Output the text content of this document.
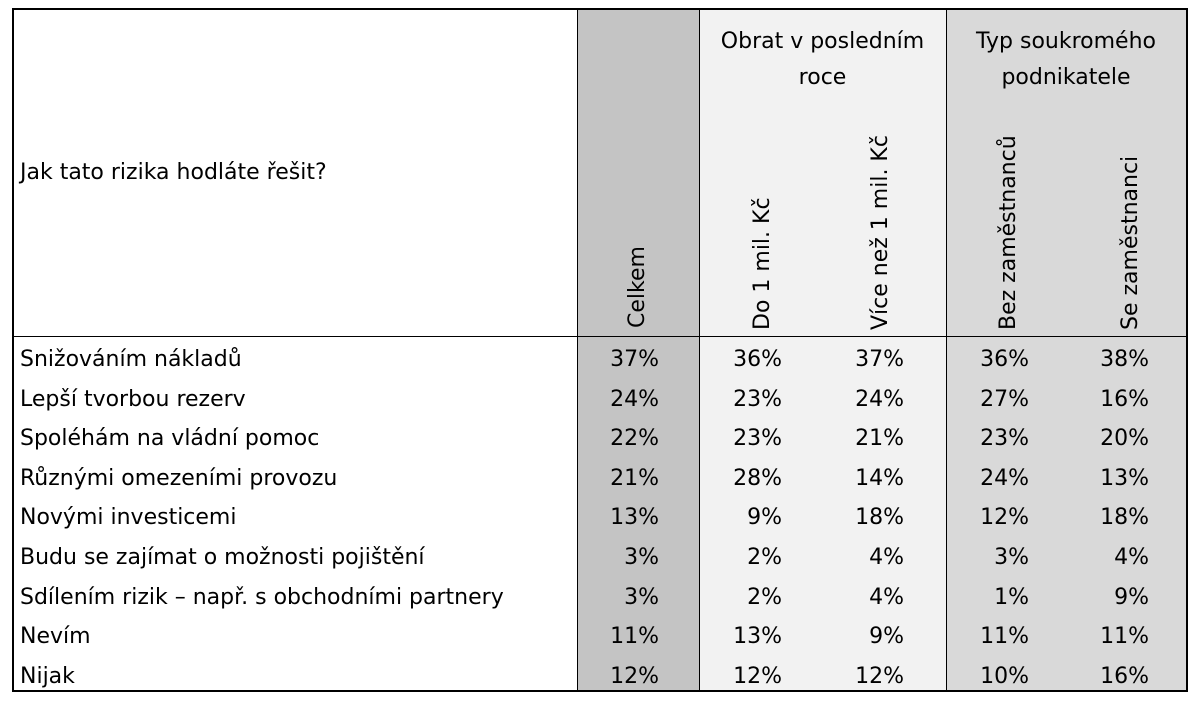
Jak tato rizika hodláte řešit?
Obrat v posledním roce
Typ soukromého podnikatele
Celkem	Do 1 mil. Kč	Více než 1 mil. Kč	Bez zaměstnanců	Se zaměstnanci
Snižováním nákladů	37%	36%	37%	36%	38%
Lepší tvorbou rezerv	24%	23%	24%	27%	16%
Spoléhám na vládní pomoc	22%	23%	21%	23%	20%
Různými omezeními provozu	21%	28%	14%	24%	13%
Novými investicemi	13%	9%	18%	12%	18%
Budu se zajímat o možnosti pojištění	3%	2%	4%	3%	4%
Sdílením rizik – např. s obchodními partnery	3%	2%	4%	1%	9%
Nevím	11%	13%	9%	11%	11%
Nijak	12%	12%	12%	10%	16%
